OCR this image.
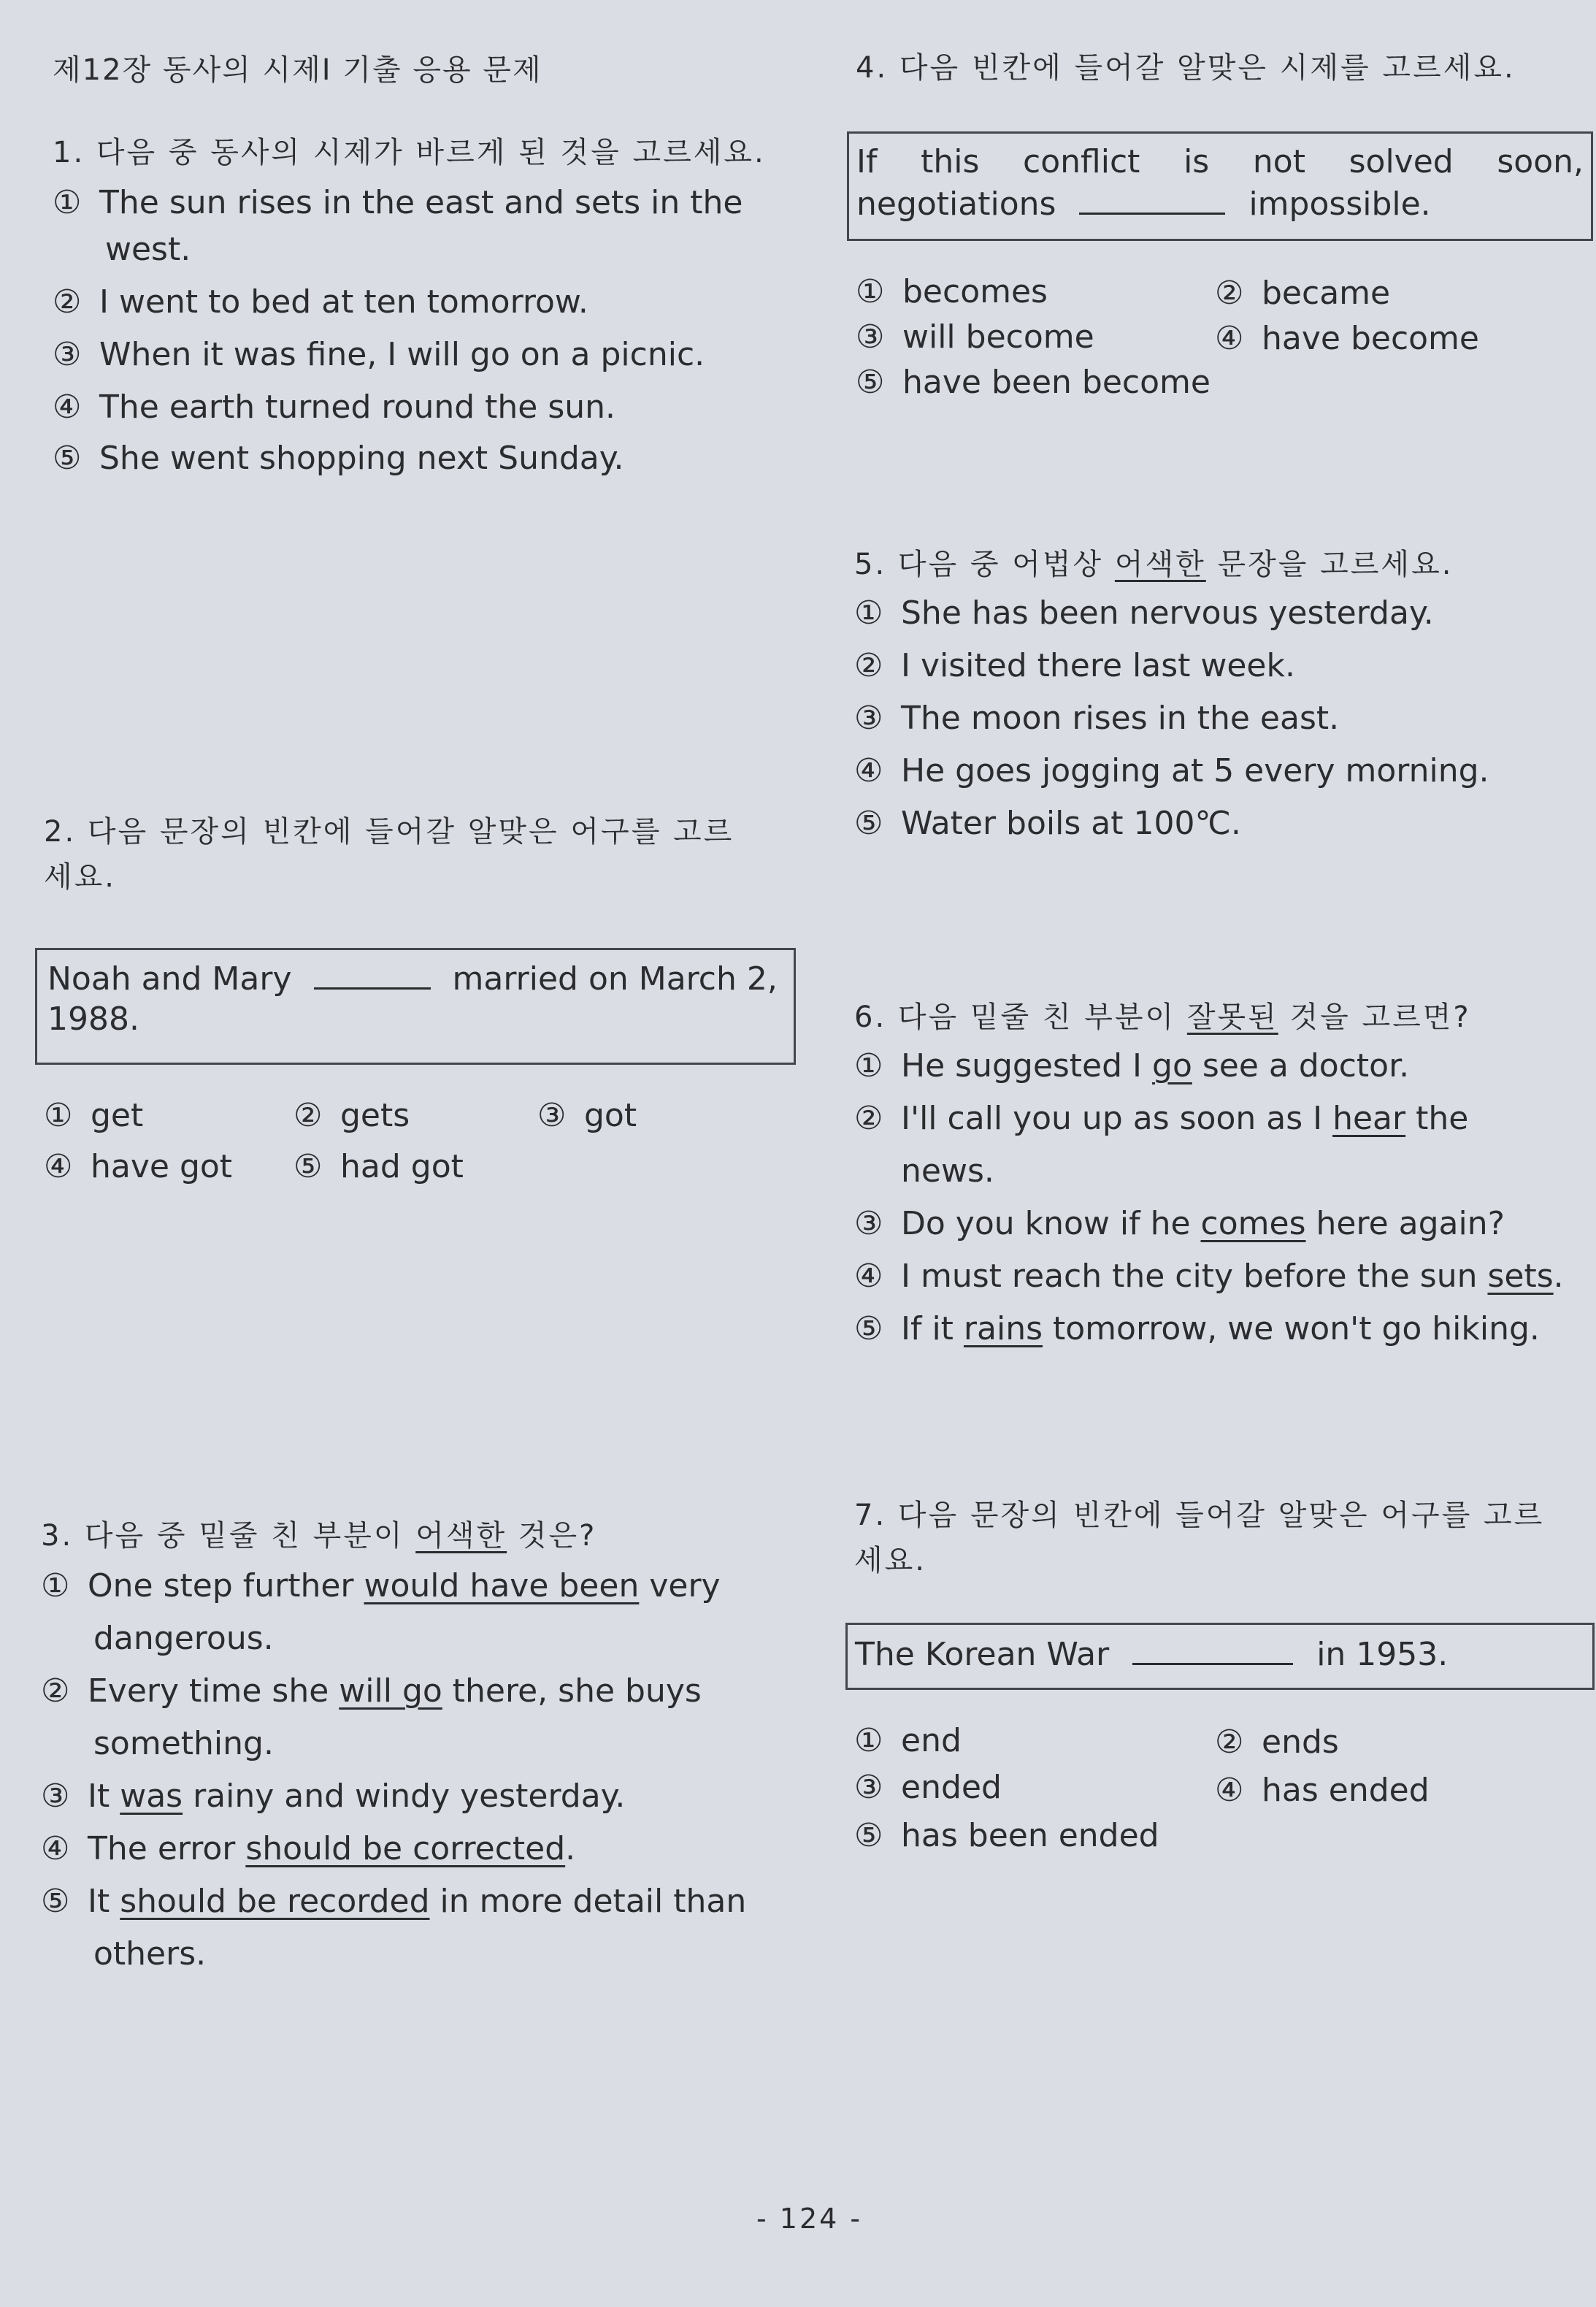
제12장 동사의 시제Ⅰ 기출 응용 문제
1. 다음 중 동사의 시제가 바르게 된 것을 고르세요.
① The sun rises in the east and sets in the
west.
② I went to bed at ten tomorrow.
③ When it was fine, I will go on a picnic.
④ The earth turned round the sun.
⑤ She went shopping next Sunday.
2. 다음 문장의 빈칸에 들어갈 알맞은 어구를 고르
세요.
Noah and Mary	married on March 2,
1988.
① get	② gets	③ got
④ have got ⑤ had got
3. 다음 중 밑줄 친 부분이 어색한 것은?
① One step further would have been very
dangerous.
② Every time she will go there, she buys
something.
③ It was rainy and windy yesterday.
④ The error should be corrected.
⑤ It should be recorded in more detail than
others.
4. 다음 빈칸에 들어갈 알맞은 시제를 고르세요.
If this conflict is not solved soon,
negotiations	impossible.
① becomes	② became
③ will become	④ have become
⑤ have been become
5. 다음 중 어법상 어색한 문장을 고르세요.
① She has been nervous yesterday.
② I visited there last week.
③ The moon rises in the east.
④ He goes jogging at 5 every morning.
⑤ Water boils at 100℃.
6. 다음 밑줄 친 부분이 잘못된 것을 고르면?
① He suggested I go see a doctor.
② I'll call you up as soon as I hear the
news.
③ Do you know if he comes here again?
④ I must reach the city before the sun sets.
⑤ If it rains tomorrow, we won't go hiking.
7. 다음 문장의 빈칸에 들어갈 알맞은 어구를 고르
세요.
The Korean War	in 1953.
① end	② ends
③ ended	④ has ended
⑤ has been ended
- 124 -
